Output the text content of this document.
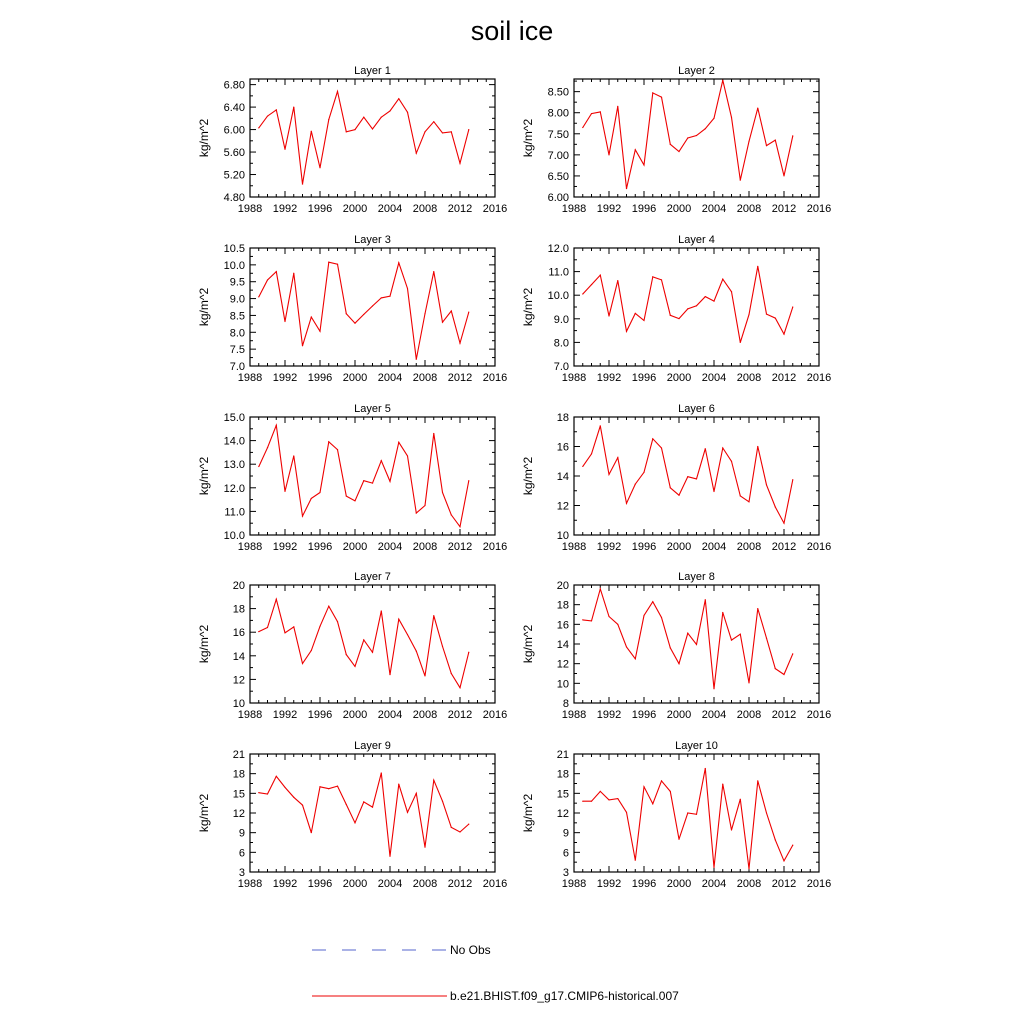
soil ice
Layer 1
1988 1992 1996 2000 2004 2008 2012 2016
4.80
5.20
5.60
6.00
6.40
6.80
kg/m^2
Layer 2
1988 1992 1996 2000 2004 2008 2012 2016
6.00
6.50
7.00
7.50
8.00
8.50
kg/m^2
Layer 3
1988 1992 1996 2000 2004 2008 2012 2016
7.0
7.5
8.0
8.5
9.0
9.5
10.0
10.5
kg/m^2
Layer 4
1988 1992 1996 2000 2004 2008 2012 2016
7.0
8.0
9.0
10.0
11.0
12.0
kg/m^2
Layer 5
1988 1992 1996 2000 2004 2008 2012 2016
10.0
11.0
12.0
13.0
14.0
15.0
kg/m^2
Layer 6
1988 1992 1996 2000 2004 2008 2012 2016
10
12
14
16
18
kg/m^2
Layer 7
1988 1992 1996 2000 2004 2008 2012 2016
10
12
14
16
18
20
kg/m^2
Layer 8
1988 1992 1996 2000 2004 2008 2012 2016
8
10
12
14
16
18
20
kg/m^2
Layer 9
1988 1992 1996 2000 2004 2008 2012 2016
3
6
9
12
15
18
21
kg/m^2
Layer 10
1988 1992 1996 2000 2004 2008 2012 2016
3
6
9
12
15
18
21
kg/m^2
No Obs
b.e21.BHIST.f09_g17.CMIP6-historical.007
